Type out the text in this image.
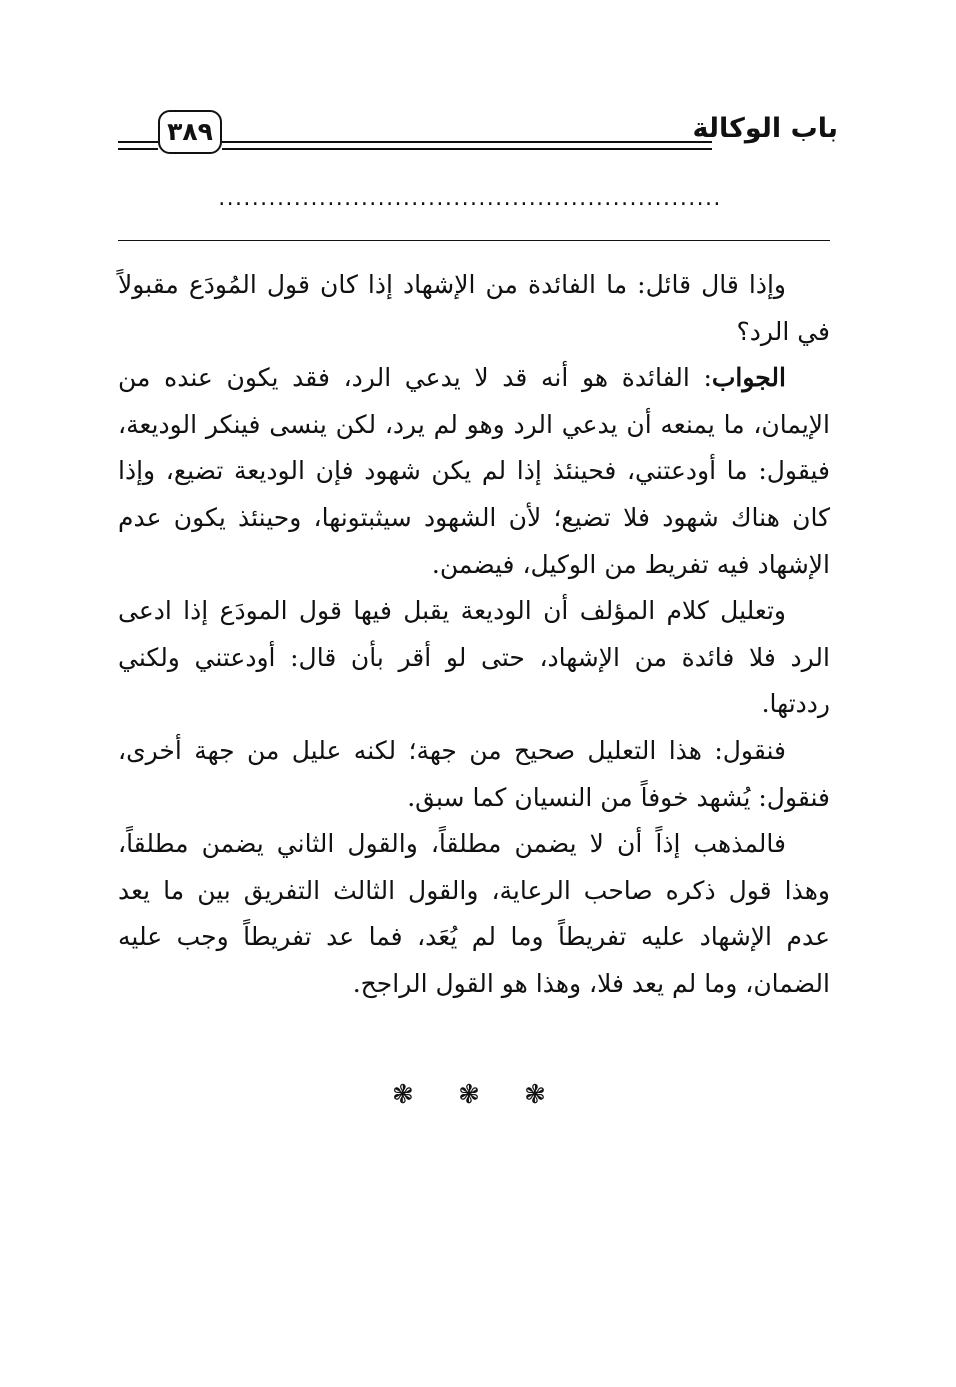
٣٨٩	باب الوكالة
............................................................

وإذا قال قائل: ما الفائدة من الإشهاد إذا كان قول المُودَع مقبولاً في الرد؟

الجواب: الفائدة هو أنه قد لا يدعي الرد، فقد يكون عنده من الإيمان، ما يمنعه أن يدعي الرد وهو لم يرد، لكن ينسى فينكر الوديعة، فيقول: ما أودعتني، فحينئذ إذا لم يكن شهود فإن الوديعة تضيع، وإذا كان هناك شهود فلا تضيع؛ لأن الشهود سيثبتونها، وحينئذ يكون عدم الإشهاد فيه تفريط من الوكيل، فيضمن.

وتعليل كلام المؤلف أن الوديعة يقبل فيها قول المودَع إذا ادعى الرد فلا فائدة من الإشهاد، حتى لو أقر بأن قال: أودعتني ولكني رددتها.

فنقول: هذا التعليل صحيح من جهة؛ لكنه عليل من جهة أخرى، فنقول: يُشهد خوفاً من النسيان كما سبق.

فالمذهب إذاً أن لا يضمن مطلقاً، والقول الثاني يضمن مطلقاً، وهذا قول ذكره صاحب الرعاية، والقول الثالث التفريق بين ما يعد عدم الإشهاد عليه تفريطاً وما لم يُعَد، فما عد تفريطاً وجب عليه الضمان، وما لم يعد فلا، وهذا هو القول الراجح.

❃ ❃ ❃
